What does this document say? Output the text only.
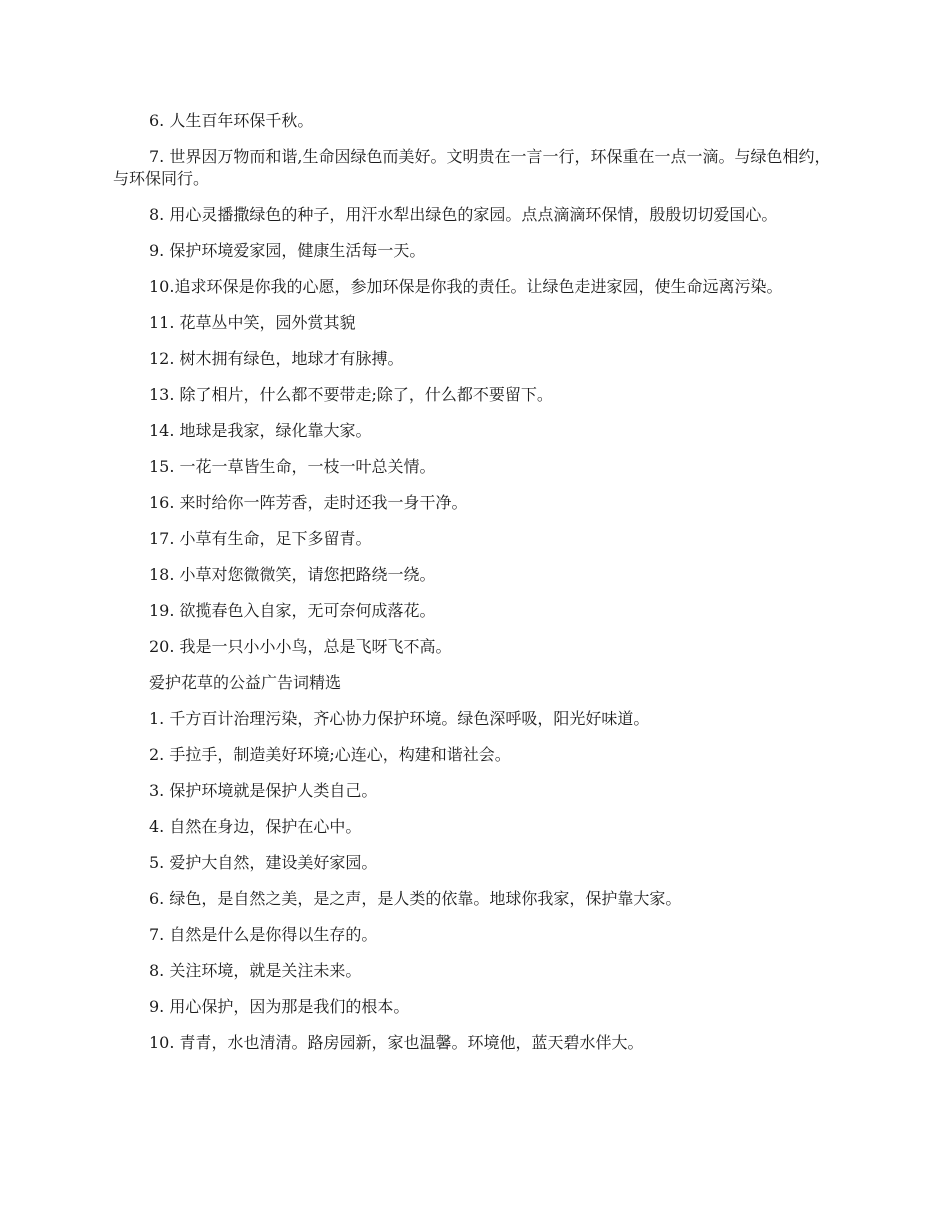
6. 人生百年环保千秋。

7. 世界因万物而和谐,生命因绿色而美好。文明贵在一言一行，环保重在一点一滴。与绿色相约，与环保同行。

8. 用心灵播撒绿色的种子，用汗水犁出绿色的家园。点点滴滴环保情，殷殷切切爱国心。

9. 保护环境爱家园，健康生活每一天。

10.追求环保是你我的心愿，参加环保是你我的责任。让绿色走进家园，使生命远离污染。

11. 花草丛中笑，园外赏其貌

12. 树木拥有绿色，地球才有脉搏。

13. 除了相片，什么都不要带走;除了，什么都不要留下。

14. 地球是我家，绿化靠大家。

15. 一花一草皆生命，一枝一叶总关情。

16. 来时给你一阵芳香，走时还我一身干净。

17. 小草有生命，足下多留青。

18. 小草对您微微笑，请您把路绕一绕。

19. 欲揽春色入自家，无可奈何成落花。

20. 我是一只小小小鸟，总是飞呀飞不高。

爱护花草的公益广告词精选

1. 千方百计治理污染，齐心协力保护环境。绿色深呼吸，阳光好味道。

2. 手拉手，制造美好环境;心连心，构建和谐社会。

3. 保护环境就是保护人类自己。

4. 自然在身边，保护在心中。

5. 爱护大自然，建设美好家园。

6. 绿色，是自然之美，是之声，是人类的依靠。地球你我家，保护靠大家。

7. 自然是什么是你得以生存的。

8. 关注环境，就是关注未来。

9. 用心保护，因为那是我们的根本。

10. 青青，水也清清。路房园新，家也温馨。环境他，蓝天碧水伴大。
